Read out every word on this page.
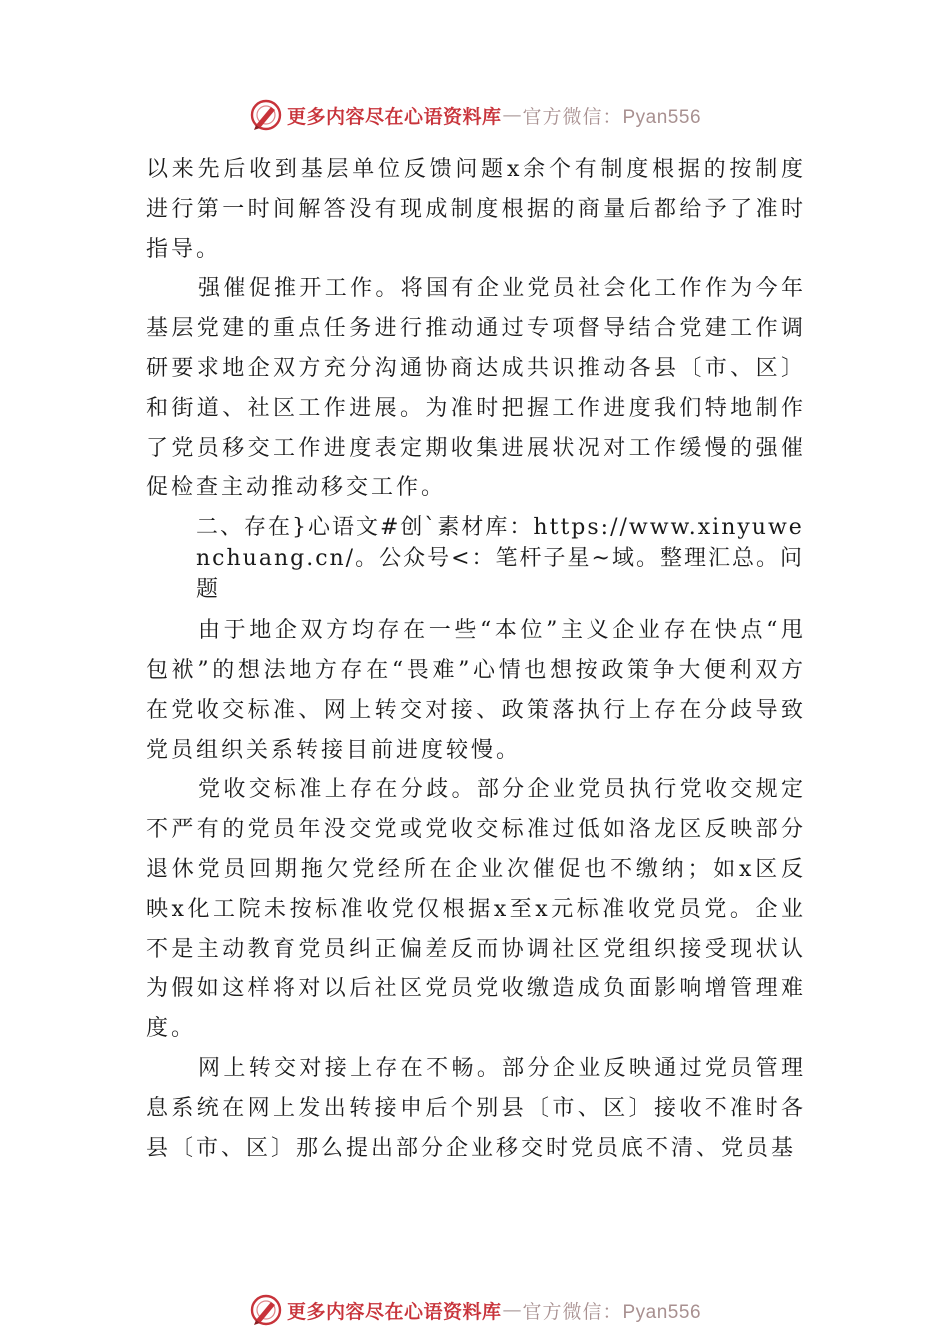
更多内容尽在心语资料库 — 官方微信：Pyan556

以来先后收到基层单位反馈问题x余个有制度根据的按制度进行第一时间解答没有现成制度根据的商量后都给予了准时指导。

强催促推开工作。将国有企业党员社会化工作作为今年基层党建的重点任务进行推动通过专项督导结合党建工作调研要求地企双方充分沟通协商达成共识推动各县〔市、区〕和街道、社区工作进展。为准时把握工作进度我们特地制作了党员移交工作进度表定期收集进展状况对工作缓慢的强催促检查主动推动移交工作。

二、存在}心语文#创`素材库：https://www.xinyuwenchuang.cn/。公众号<：笔杆子星~域。整理汇总。问题

由于地企双方均存在一些“本位”主义企业存在快点“甩包袱”的想法地方存在“畏难”心情也想按政策争大便利双方在党收交标准、网上转交对接、政策落执行上存在分歧导致党员组织关系转接目前进度较慢。

党收交标准上存在分歧。部分企业党员执行党收交规定不严有的党员年没交党或党收交标准过低如洛龙区反映部分退休党员回期拖欠党经所在企业次催促也不缴纳；如x区反映x化工院未按标准收党仅根据x至x元标准收党员党。企业不是主动教育党员纠正偏差反而协调社区党组织接受现状认为假如这样将对以后社区党员党收缴造成负面影响增管理难度。

网上转交对接上存在不畅。部分企业反映通过党员管理息系统在网上发出转接申后个别县〔市、区〕接收不准时各县〔市、区〕那么提出部分企业移交时党员底不清、党员基

更多内容尽在心语资料库 — 官方微信：Pyan556
